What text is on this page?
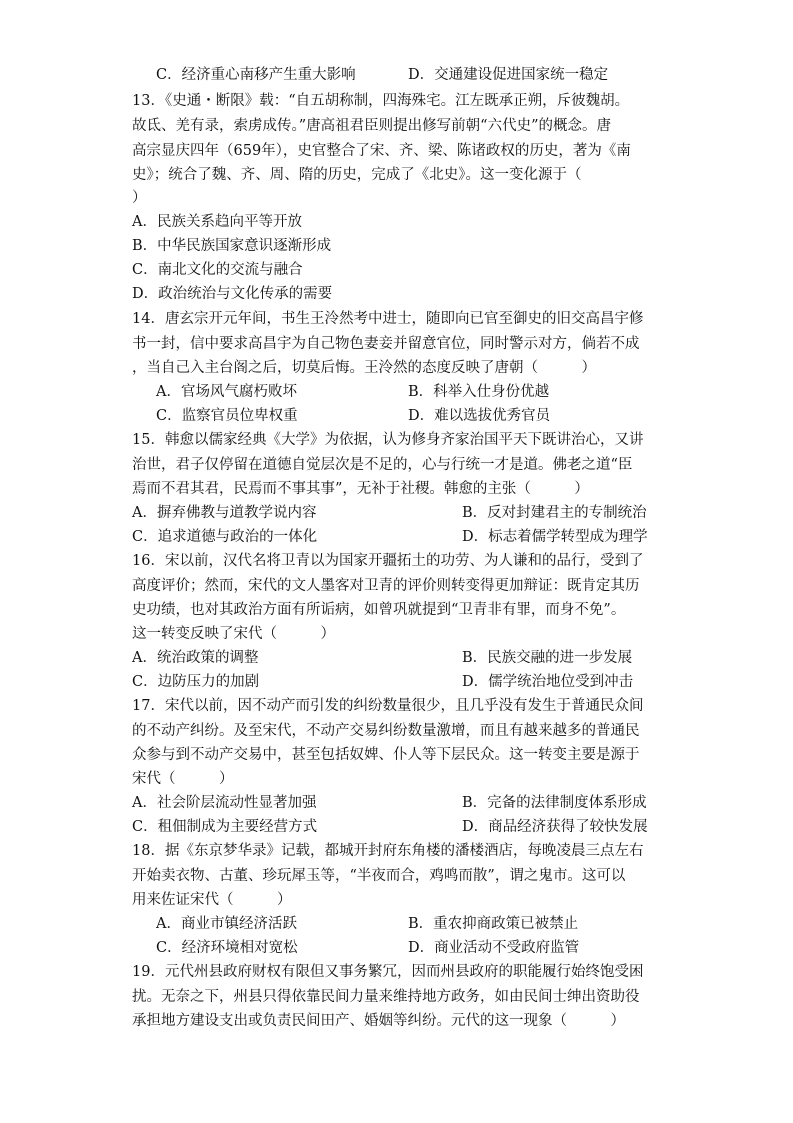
C．经济重心南移产生重大影响	D．交通建设促进国家统一稳定
13．《史通・断限》载：“自五胡称制，四海殊宅。江左既承正朔，斥彼魏胡。
故氐、羌有录，索虏成传。”唐高祖君臣则提出修写前朝“六代史”的概念。唐
高宗显庆四年（659年），史官整合了宋、齐、梁、陈诸政权的历史，著为《南
史》；统合了魏、齐、周、隋的历史，完成了《北史》。这一变化源于（
）
A．民族关系趋向平等开放
B．中华民族国家意识逐渐形成
C．南北文化的交流与融合
D．政治统治与文化传承的需要
14．唐玄宗开元年间，书生王泠然考中进士，随即向已官至御史的旧交高昌宇修
书一封，信中要求高昌宇为自己物色妻妾并留意官位，同时警示对方，倘若不成
，当自己入主台阁之后，切莫后悔。王泠然的态度反映了唐朝（　　　）
A．官场风气腐朽败坏	B．科举入仕身份优越
C．监察官员位卑权重	D．难以选拔优秀官员
15．韩愈以儒家经典《大学》为依据，认为修身齐家治国平天下既讲治心，又讲
治世，君子仅停留在道德自觉层次是不足的，心与行统一才是道。佛老之道“臣
焉而不君其君，民焉而不事其事”，无补于社稷。韩愈的主张（　　　）
A．摒弃佛教与道教学说内容	B．反对封建君主的专制统治
C．追求道德与政治的一体化	D．标志着儒学转型成为理学
16．宋以前，汉代名将卫青以为国家开疆拓土的功劳、为人谦和的品行，受到了
高度评价；然而，宋代的文人墨客对卫青的评价则转变得更加辩证：既肯定其历
史功绩，也对其政治方面有所诟病，如曾巩就提到“卫青非有罪，而身不免”。
这一转变反映了宋代（　　　）
A．统治政策的调整	B．民族交融的进一步发展
C．边防压力的加剧	D．儒学统治地位受到冲击
17．宋代以前，因不动产而引发的纠纷数量很少，且几乎没有发生于普通民众间
的不动产纠纷。及至宋代，不动产交易纠纷数量激增，而且有越来越多的普通民
众参与到不动产交易中，甚至包括奴婢、仆人等下层民众。这一转变主要是源于
宋代（　　　）
A．社会阶层流动性显著加强	B．完备的法律制度体系形成
C．租佃制成为主要经营方式	D．商品经济获得了较快发展
18．据《东京梦华录》记载，都城开封府东角楼的潘楼酒店，每晚凌晨三点左右
开始卖衣物、古董、珍玩犀玉等，“半夜而合，鸡鸣而散”，谓之鬼市。这可以
用来佐证宋代（　　　）
A．商业市镇经济活跃	B．重农抑商政策已被禁止
C．经济环境相对宽松	D．商业活动不受政府监管
19．元代州县政府财权有限但又事务繁冗，因而州县政府的职能履行始终饱受困
扰。无奈之下，州县只得依靠民间力量来维持地方政务，如由民间士绅出资助役
承担地方建设支出或负责民间田产、婚姻等纠纷。元代的这一现象（　　　）
